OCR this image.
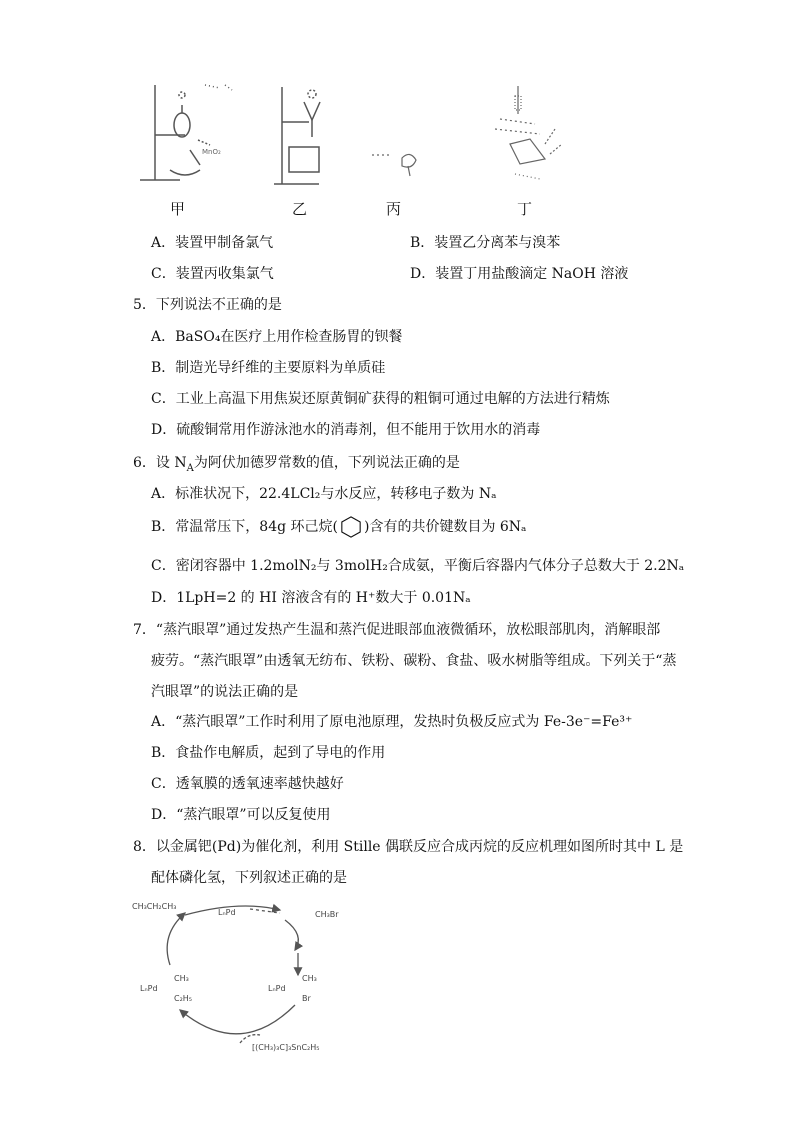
MnO₂
甲	乙	丙	丁
A．装置甲制备氯气	B．装置乙分离苯与溴苯
C．装置丙收集氯气	D．装置丁用盐酸滴定 NaOH 溶液
5．下列说法不正确的是
A．BaSO₄在医疗上用作检查肠胃的钡餐
B．制造光导纤维的主要原料为单质硅
C．工业上高温下用焦炭还原黄铜矿获得的粗铜可通过电解的方法进行精炼
D．硫酸铜常用作游泳池水的消毒剂，但不能用于饮用水的消毒
6．设 $N_A$为阿伏加德罗常数的值，下列说法正确的是
A．标准状况下，22.4LCl₂与水反应，转移电子数为 Nₐ
B．常温常压下，84g 环己烷( )含有的共价键数目为 6Nₐ
C．密闭容器中 1.2molN₂与 3molH₂合成氨，平衡后容器内气体分子总数大于 2.2Nₐ
D．1LpH=2 的 HI 溶液含有的 H⁺数大于 0.01Nₐ
7．“蒸汽眼罩”通过发热产生温和蒸汽促进眼部血液微循环，放松眼部肌肉，消解眼部
疲劳。“蒸汽眼罩”由透氧无纺布、铁粉、碳粉、食盐、吸水树脂等组成。下列关于“蒸
汽眼罩”的说法正确的是
A．“蒸汽眼罩”工作时利用了原电池原理，发热时负极反应式为 Fe-3e⁻=Fe³⁺
B．食盐作电解质，起到了导电的作用
C．透氧膜的透氧速率越快越好
D．“蒸汽眼罩”可以反复使用
8．以金属钯(Pd)为催化剂，利用 Stille 偶联反应合成丙烷的反应机理如图所时其中 L 是
配体磷化氢，下列叙述正确的是
CH₃CH₂CH₃
LₙPd	CH₃Br
LₙPd
CH₃
C₂H₅
LₙPd
CH₃
Br
[(CH₃)₃C]₃SnC₂H₅
